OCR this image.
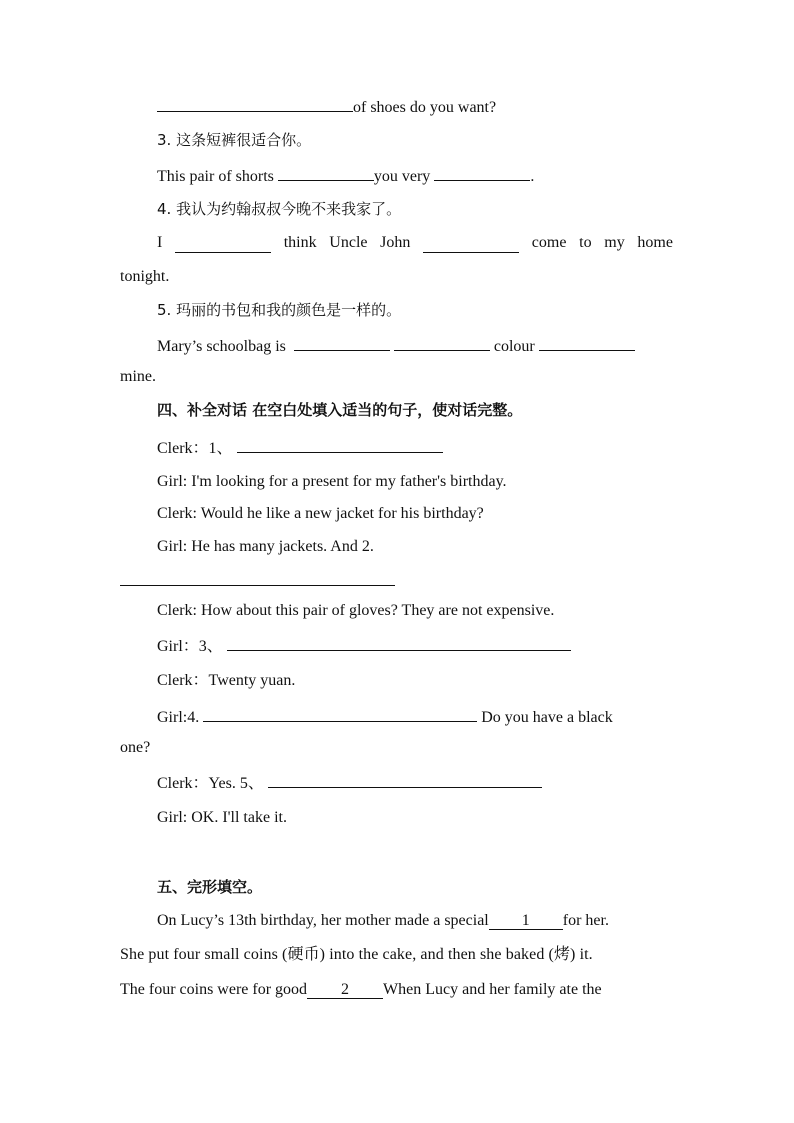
of shoes do you want?
3. 这条短裤很适合你。
This pair of shorts	you very	.
4. 我认为约翰叔叔今晚不来我家了。
I	think Uncle John	come to my home
tonight.
5. 玛丽的书包和我的颜色是一样的。
Mary’s schoolbag is	colour
mine.
四、补全对话 在空白处填入适当的句子，使对话完整。
Clerk：1、
Girl: I'm looking for a present for my father's birthday.
Clerk: Would he like a new jacket for his birthday?
Girl: He has many jackets. And 2.
Clerk: How about this pair of gloves? They are not expensive.
Girl：3、
Clerk：Twenty yuan.
Girl:4.	Do you have a black
one?
Clerk：Yes. 5、
Girl: OK. I'll take it.
五、完形填空。
On Lucy’s 13th birthday, her mother made a special 1 for her.
She put four small coins (硬币) into the cake, and then she baked (烤) it.
The four coins were for good 2 When Lucy and her family ate the
